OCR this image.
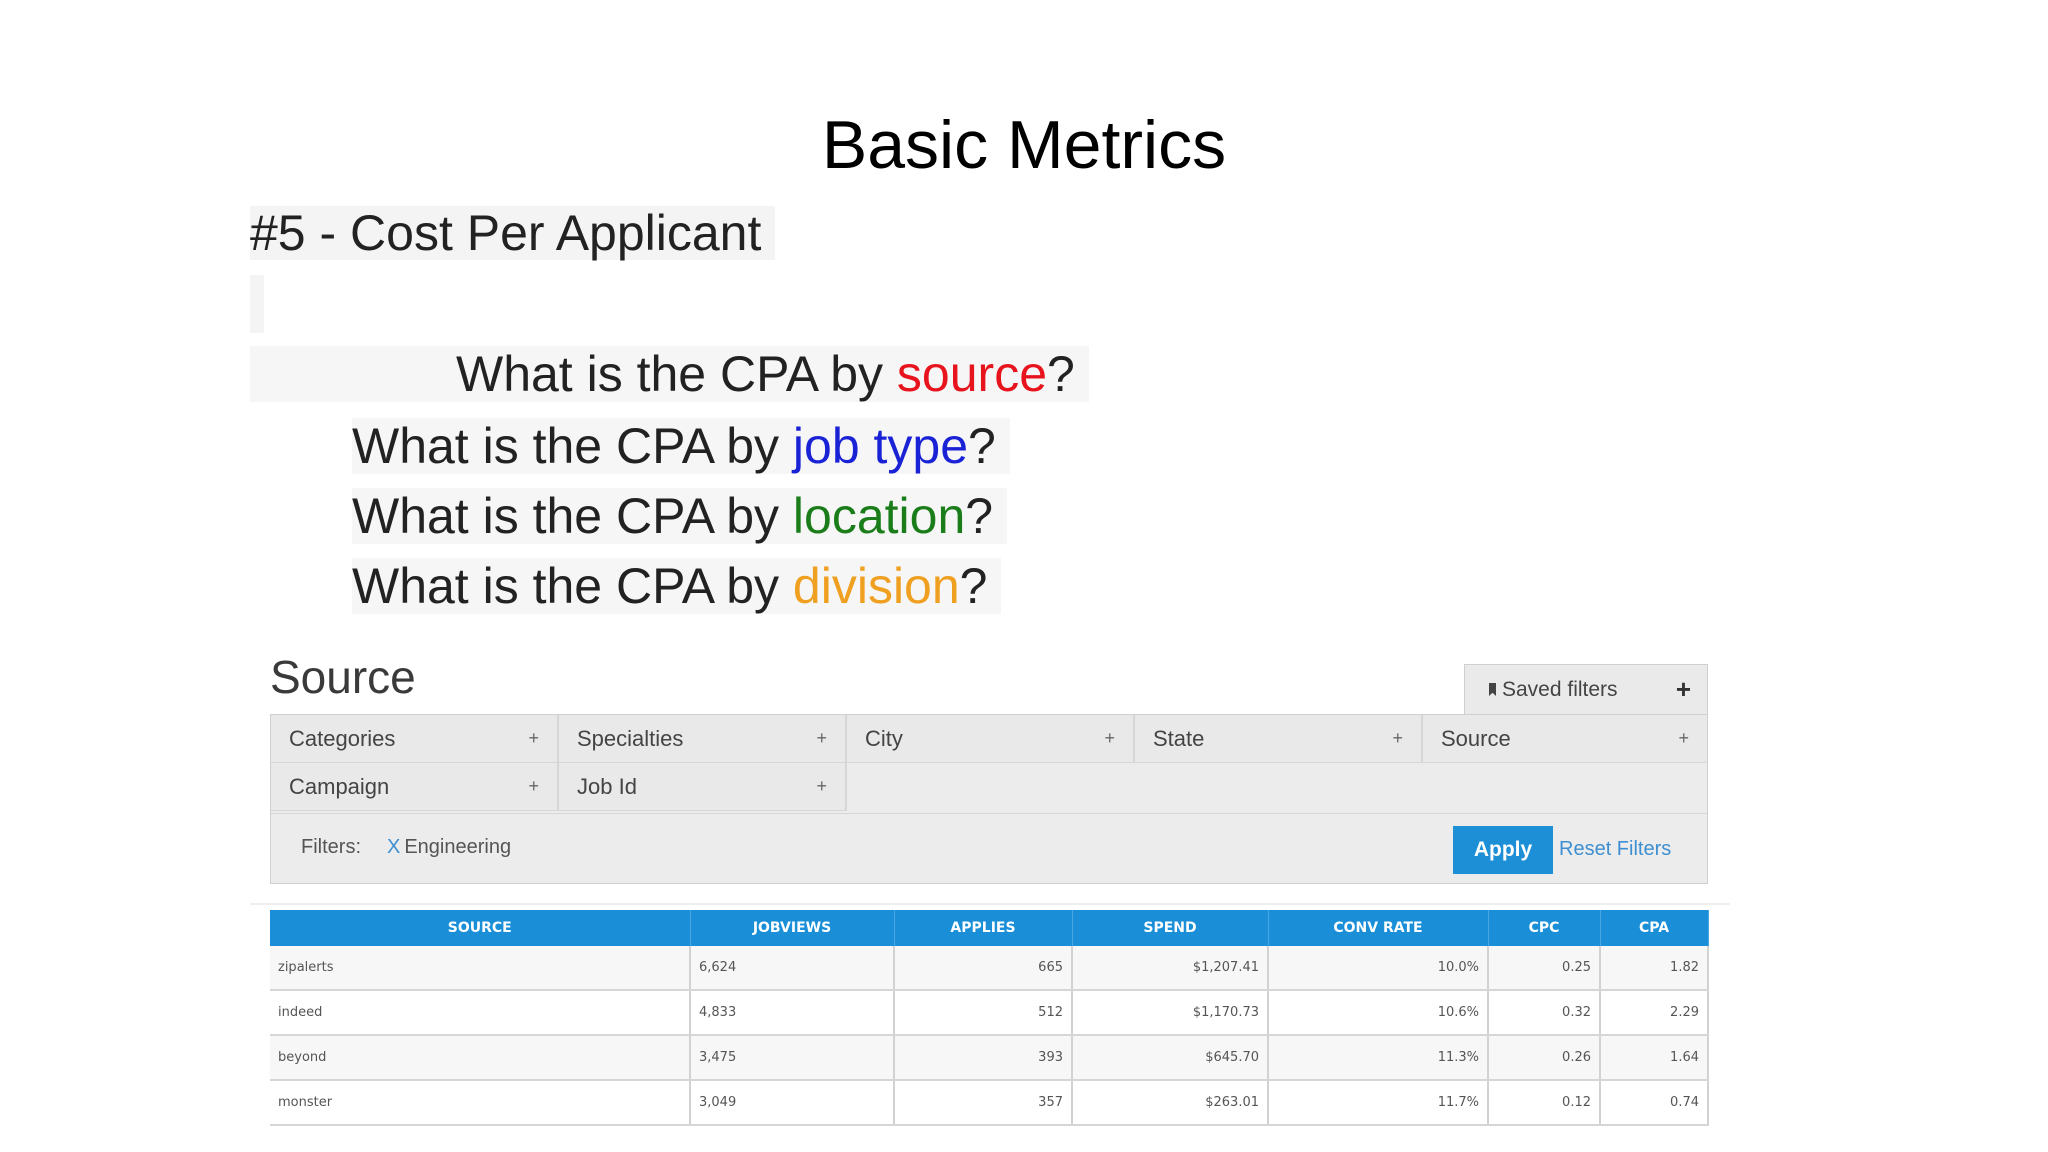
Basic Metrics
#5 - Cost Per Applicant
What is the CPA by source?
What is the CPA by job type?
What is the CPA by location?
What is the CPA by division?
Source	Saved filters +
Categories	+ Specialties	+ City	+ State	+ Source	+
Campaign	+ Job Id	+
Filters: X Engineering	Apply	Reset Filters
SOURCE	JOBVIEWS	APPLIES	SPEND	CONV RATE	CPC	CPA
zipalerts	6,624	665	$1,207.41	10.0%	0.25	1.82
indeed	4,833	512	$1,170.73	10.6%	0.32	2.29
beyond	3,475	393	$645.70	11.3%	0.26	1.64
monster	3,049	357	$263.01	11.7%	0.12	0.74
